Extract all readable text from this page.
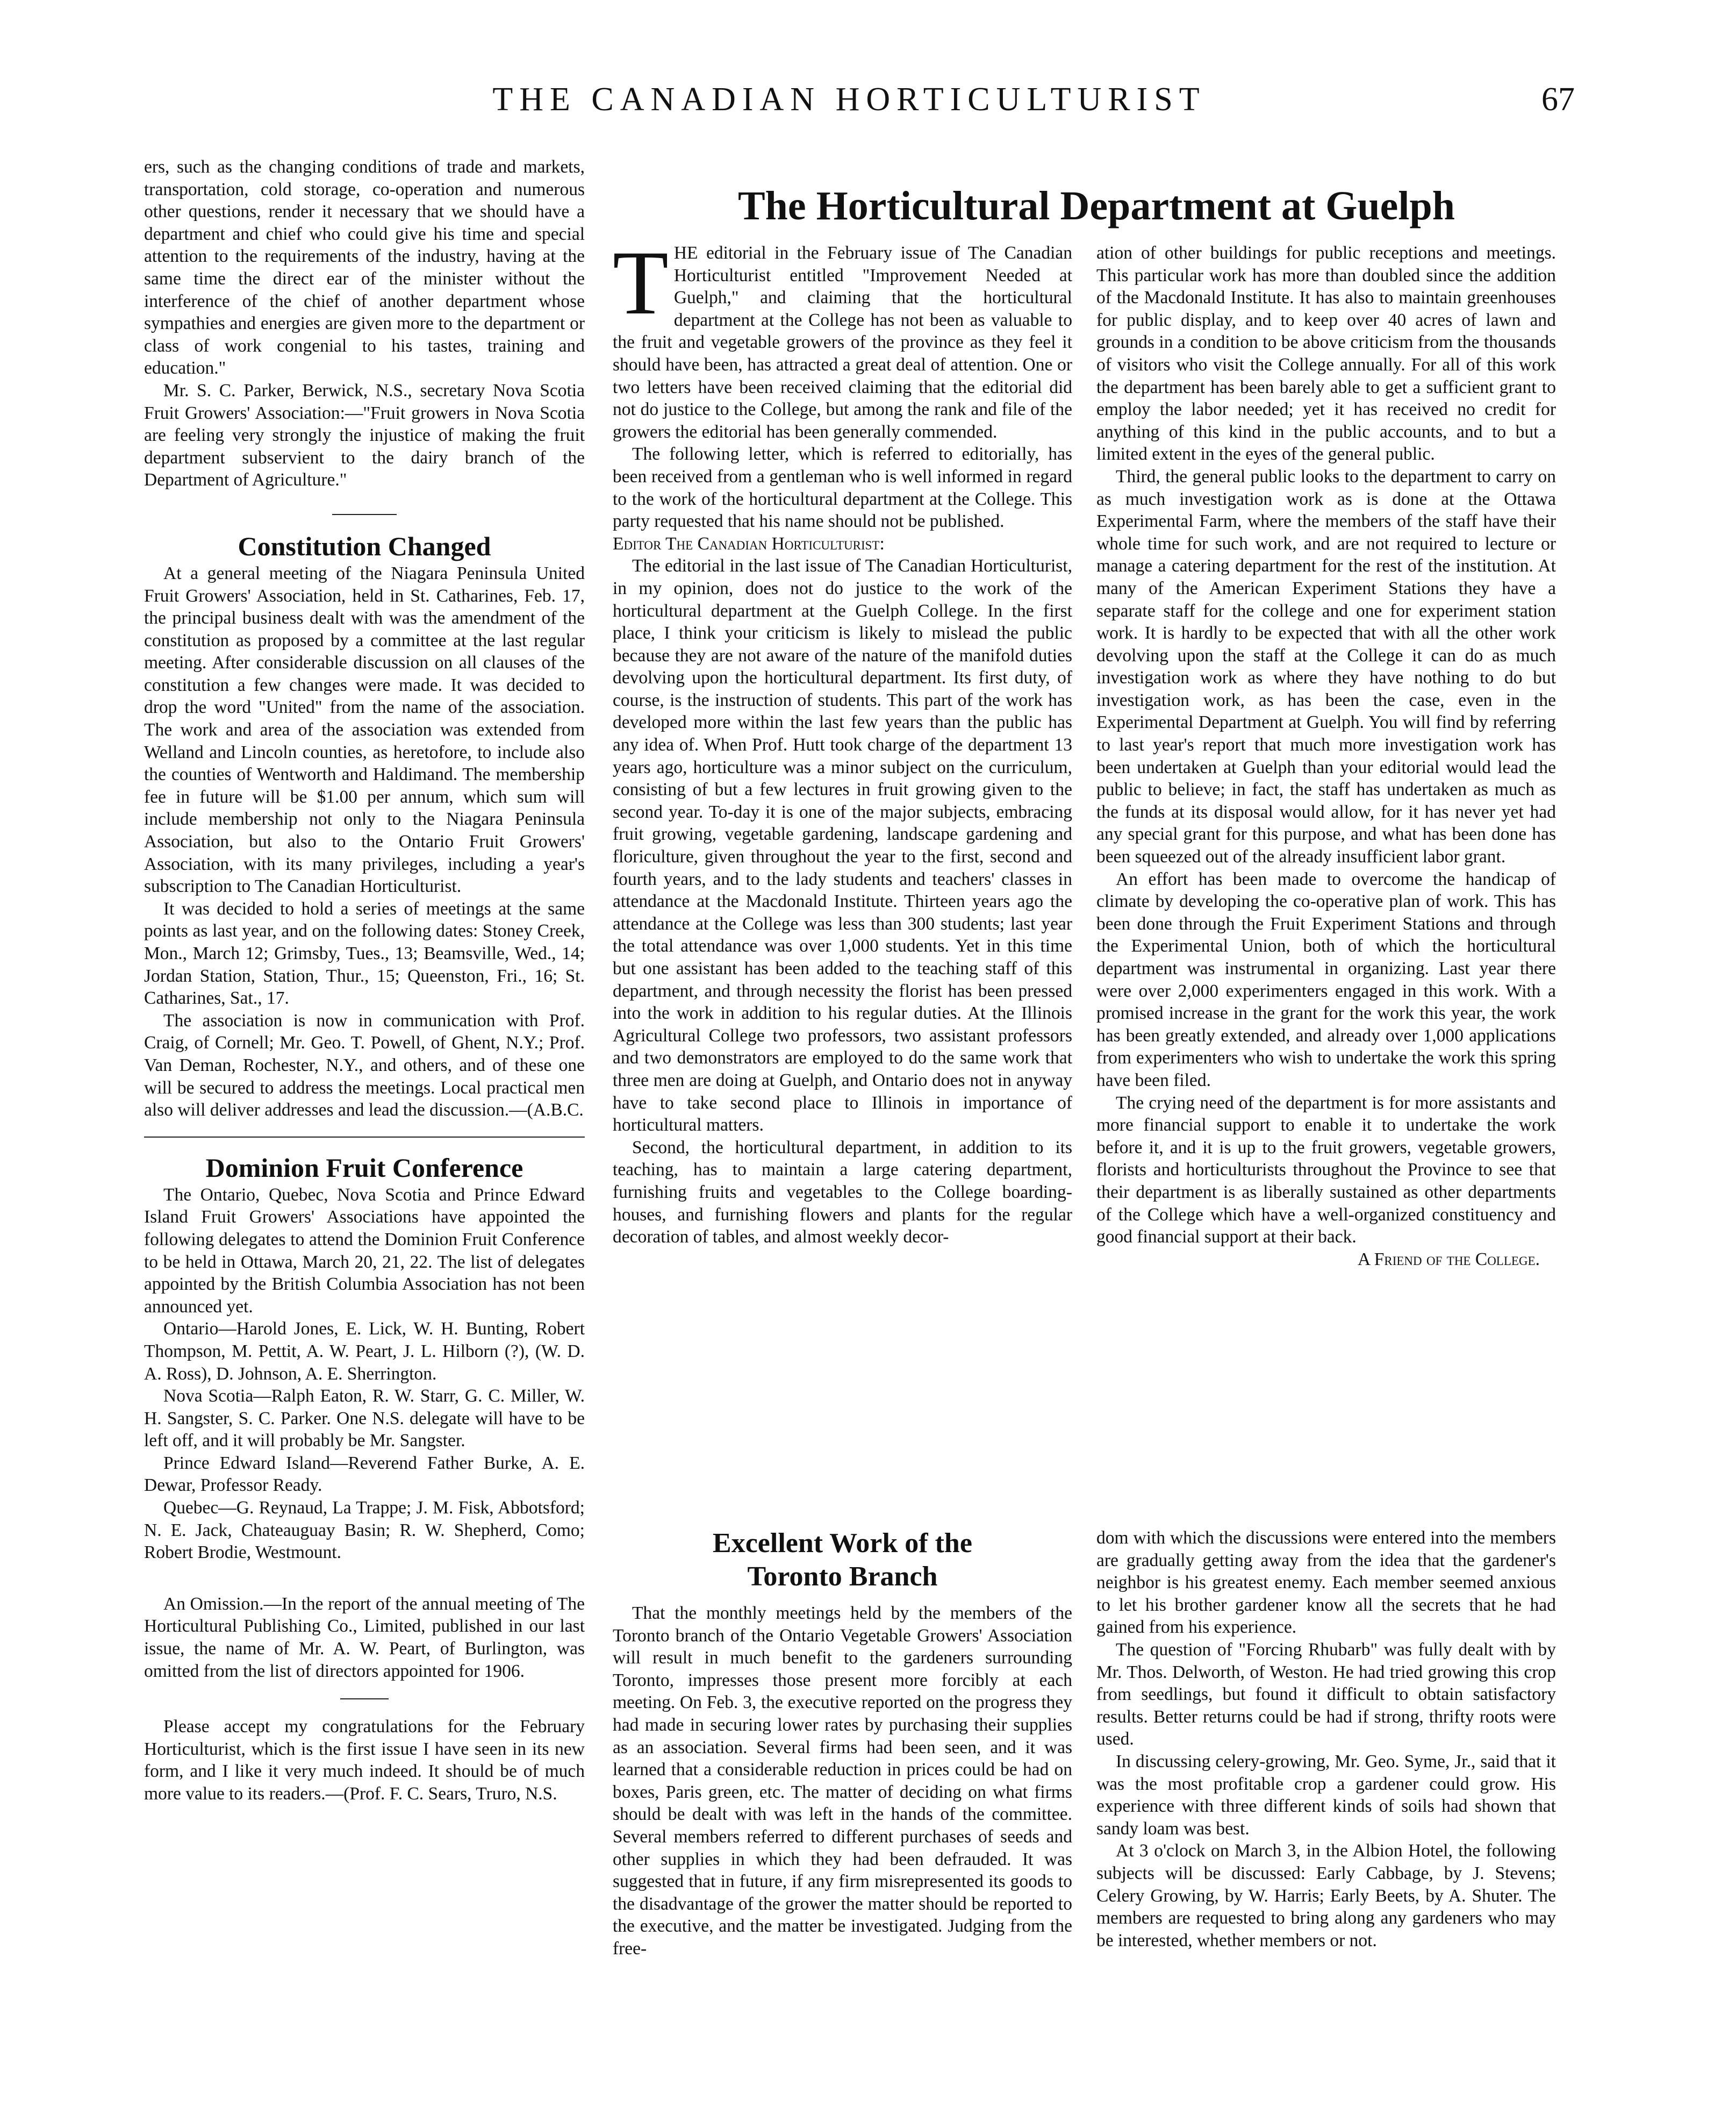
THE CANADIAN HORTICULTURIST	67

ers, such as the changing conditions of trade and markets, transportation, cold storage, co-operation and numerous other questions, render it necessary that we should have a department and chief who could give his time and special attention to the requirements of the industry, having at the same time the direct ear of the minister without the interference of the chief of another department whose sympathies and energies are given more to the department or class of work congenial to his tastes, training and education."

Mr. S. C. Parker, Berwick, N.S., secretary Nova Scotia Fruit Growers' Association:—"Fruit growers in Nova Scotia are feeling very strongly the injustice of making the fruit department subservient to the dairy branch of the Department of Agriculture."

Constitution Changed

At a general meeting of the Niagara Peninsula United Fruit Growers' Association, held in St. Catharines, Feb. 17, the principal business dealt with was the amendment of the constitution as proposed by a committee at the last regular meeting. After considerable discussion on all clauses of the constitution a few changes were made. It was decided to drop the word "United" from the name of the association. The work and area of the association was extended from Welland and Lincoln counties, as heretofore, to include also the counties of Wentworth and Haldimand. The membership fee in future will be $1.00 per annum, which sum will include membership not only to the Niagara Peninsula Association, but also to the Ontario Fruit Growers' Association, with its many privileges, including a year's subscription to The Canadian Horticulturist.

It was decided to hold a series of meetings at the same points as last year, and on the following dates: Stoney Creek, Mon., March 12; Grimsby, Tues., 13; Beamsville, Wed., 14; Jordan Station, Station, Thur., 15; Queenston, Fri., 16; St. Catharines, Sat., 17.

The association is now in communication with Prof. Craig, of Cornell; Mr. Geo. T. Powell, of Ghent, N.Y.; Prof. Van Deman, Rochester, N.Y., and others, and of these one will be secured to address the meetings. Local practical men also will deliver addresses and lead the discussion.—(A.B.C.

Dominion Fruit Conference

The Ontario, Quebec, Nova Scotia and Prince Edward Island Fruit Growers' Associations have appointed the following delegates to attend the Dominion Fruit Conference to be held in Ottawa, March 20, 21, 22. The list of delegates appointed by the British Columbia Association has not been announced yet.

Ontario—Harold Jones, E. Lick, W. H. Bunting, Robert Thompson, M. Pettit, A. W. Peart, J. L. Hilborn (?), (W. D. A. Ross), D. Johnson, A. E. Sherrington.

Nova Scotia—Ralph Eaton, R. W. Starr, G. C. Miller, W. H. Sangster, S. C. Parker. One N.S. delegate will have to be left off, and it will probably be Mr. Sangster.

Prince Edward Island—Reverend Father Burke, A. E. Dewar, Professor Ready.

Quebec—G. Reynaud, La Trappe; J. M. Fisk, Abbotsford; N. E. Jack, Chateauguay Basin; R. W. Shepherd, Como; Robert Brodie, Westmount.

An Omission.—In the report of the annual meeting of The Horticultural Publishing Co., Limited, published in our last issue, the name of Mr. A. W. Peart, of Burlington, was omitted from the list of directors appointed for 1906.

Please accept my congratulations for the February Horticulturist, which is the first issue I have seen in its new form, and I like it very much indeed. It should be of much more value to its readers.—(Prof. F. C. Sears, Truro, N.S.

The Horticultural Department at Guelph

THE editorial in the February issue of The Canadian Horticulturist entitled "Improvement Needed at Guelph," and claiming that the horticultural department at the College has not been as valuable to the fruit and vegetable growers of the province as they feel it should have been, has attracted a great deal of attention. One or two letters have been received claiming that the editorial did not do justice to the College, but among the rank and file of the growers the editorial has been generally commended.

The following letter, which is referred to editorially, has been received from a gentleman who is well informed in regard to the work of the horticultural department at the College. This party requested that his name should not be published.

Editor The Canadian Horticulturist:

The editorial in the last issue of The Canadian Horticulturist, in my opinion, does not do justice to the work of the horticultural department at the Guelph College. In the first place, I think your criticism is likely to mislead the public because they are not aware of the nature of the manifold duties devolving upon the horticultural department. Its first duty, of course, is the instruction of students. This part of the work has developed more within the last few years than the public has any idea of. When Prof. Hutt took charge of the department 13 years ago, horticulture was a minor subject on the curriculum, consisting of but a few lectures in fruit growing given to the second year. To-day it is one of the major subjects, embracing fruit growing, vegetable gardening, landscape gardening and floriculture, given throughout the year to the first, second and fourth years, and to the lady students and teachers' classes in attendance at the Macdonald Institute. Thirteen years ago the attendance at the College was less than 300 students; last year the total attendance was over 1,000 students. Yet in this time but one assistant has been added to the teaching staff of this department, and through necessity the florist has been pressed into the work in addition to his regular duties. At the Illinois Agricultural College two professors, two assistant professors and two demonstrators are employed to do the same work that three men are doing at Guelph, and Ontario does not in anyway have to take second place to Illinois in importance of horticultural matters.

Second, the horticultural department, in addition to its teaching, has to maintain a large catering department, furnishing fruits and vegetables to the College boarding-houses, and furnishing flowers and plants for the regular decoration of tables, and almost weekly decor-

ation of other buildings for public receptions and meetings. This particular work has more than doubled since the addition of the Macdonald Institute. It has also to maintain greenhouses for public display, and to keep over 40 acres of lawn and grounds in a condition to be above criticism from the thousands of visitors who visit the College annually. For all of this work the department has been barely able to get a sufficient grant to employ the labor needed; yet it has received no credit for anything of this kind in the public accounts, and to but a limited extent in the eyes of the general public.

Third, the general public looks to the department to carry on as much investigation work as is done at the Ottawa Experimental Farm, where the members of the staff have their whole time for such work, and are not required to lecture or manage a catering department for the rest of the institution. At many of the American Experiment Stations they have a separate staff for the college and one for experiment station work. It is hardly to be expected that with all the other work devolving upon the staff at the College it can do as much investigation work as where they have nothing to do but investigation work, as has been the case, even in the Experimental Department at Guelph. You will find by referring to last year's report that much more investigation work has been undertaken at Guelph than your editorial would lead the public to believe; in fact, the staff has undertaken as much as the funds at its disposal would allow, for it has never yet had any special grant for this purpose, and what has been done has been squeezed out of the already insufficient labor grant.

An effort has been made to overcome the handicap of climate by developing the co-operative plan of work. This has been done through the Fruit Experiment Stations and through the Experimental Union, both of which the horticultural department was instrumental in organizing. Last year there were over 2,000 experimenters engaged in this work. With a promised increase in the grant for the work this year, the work has been greatly extended, and already over 1,000 applications from experimenters who wish to undertake the work this spring have been filed.

The crying need of the department is for more assistants and more financial support to enable it to undertake the work before it, and it is up to the fruit growers, vegetable growers, florists and horticulturists throughout the Province to see that their department is as liberally sustained as other departments of the College which have a well-organized constituency and good financial support at their back.

A Friend of the College.

Excellent Work of the
Toronto Branch

That the monthly meetings held by the members of the Toronto branch of the Ontario Vegetable Growers' Association will result in much benefit to the gardeners surrounding Toronto, impresses those present more forcibly at each meeting. On Feb. 3, the executive reported on the progress they had made in securing lower rates by purchasing their supplies as an association. Several firms had been seen, and it was learned that a considerable reduction in prices could be had on boxes, Paris green, etc. The matter of deciding on what firms should be dealt with was left in the hands of the committee. Several members referred to different purchases of seeds and other supplies in which they had been defrauded. It was suggested that in future, if any firm misrepresented its goods to the disadvantage of the grower the matter should be reported to the executive, and the matter be investigated. Judging from the free-

dom with which the discussions were entered into the members are gradually getting away from the idea that the gardener's neighbor is his greatest enemy. Each member seemed anxious to let his brother gardener know all the secrets that he had gained from his experience.

The question of "Forcing Rhubarb" was fully dealt with by Mr. Thos. Delworth, of Weston. He had tried growing this crop from seedlings, but found it difficult to obtain satisfactory results. Better returns could be had if strong, thrifty roots were used.

In discussing celery-growing, Mr. Geo. Syme, Jr., said that it was the most profitable crop a gardener could grow. His experience with three different kinds of soils had shown that sandy loam was best.

At 3 o'clock on March 3, in the Albion Hotel, the following subjects will be discussed: Early Cabbage, by J. Stevens; Celery Growing, by W. Harris; Early Beets, by A. Shuter. The members are requested to bring along any gardeners who may be interested, whether members or not.
